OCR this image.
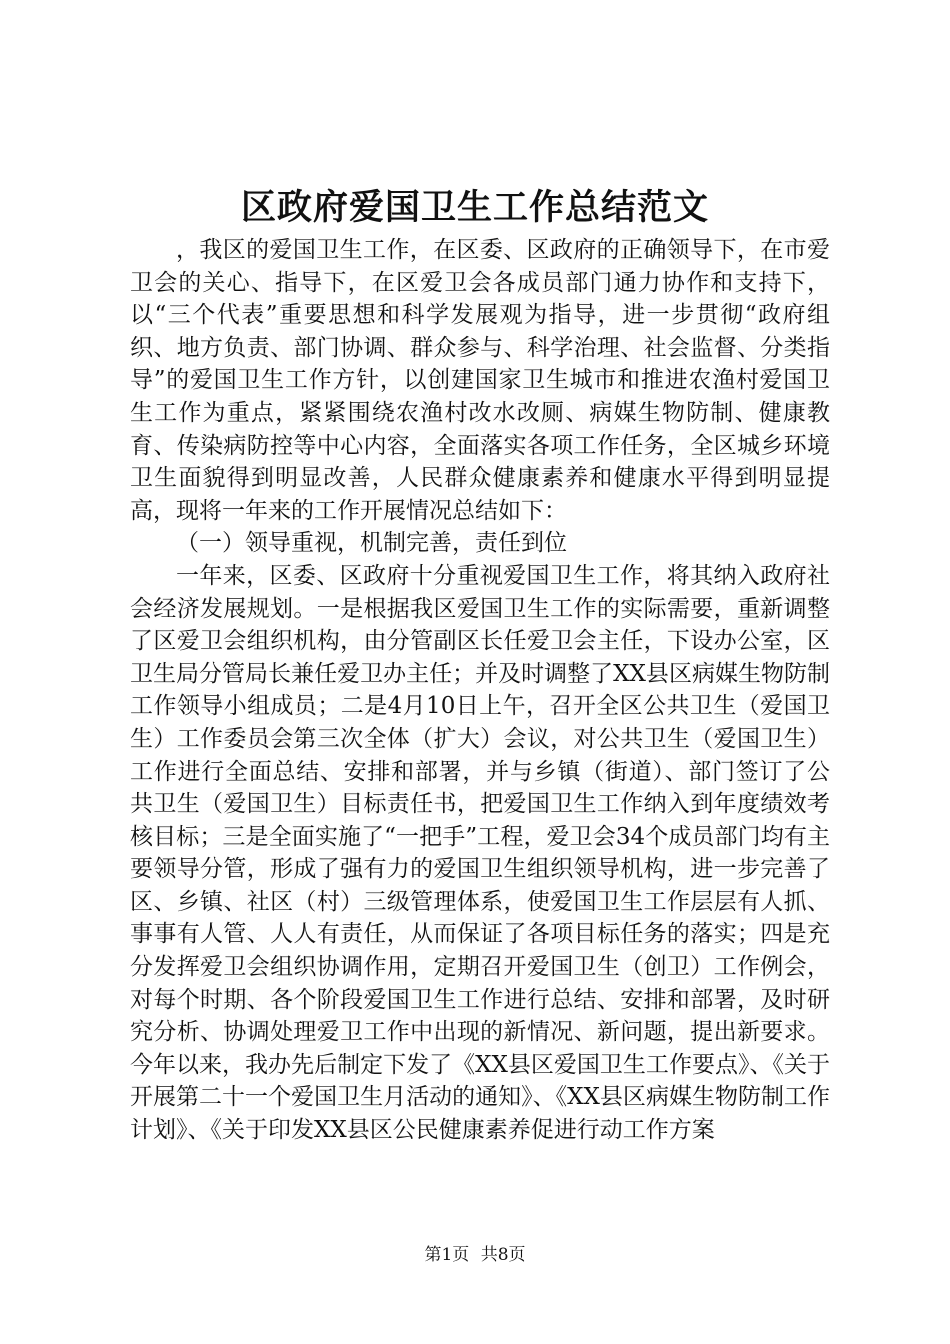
区政府爱国卫生工作总结范文

，我区的爱国卫生工作，在区委、区政府的正确领导下，在市爱卫会的关心、指导下，在区爱卫会各成员部门通力协作和支持下，以“三个代表”重要思想和科学发展观为指导，进一步贯彻“政府组织、地方负责、部门协调、群众参与、科学治理、社会监督、分类指导”的爱国卫生工作方针，以创建国家卫生城市和推进农渔村爱国卫生工作为重点，紧紧围绕农渔村改水改厕、病媒生物防制、健康教育、传染病防控等中心内容，全面落实各项工作任务，全区城乡环境卫生面貌得到明显改善，人民群众健康素养和健康水平得到明显提高，现将一年来的工作开展情况总结如下：

（一）领导重视，机制完善，责任到位

一年来，区委、区政府十分重视爱国卫生工作，将其纳入政府社会经济发展规划。一是根据我区爱国卫生工作的实际需要，重新调整了区爱卫会组织机构，由分管副区长任爱卫会主任，下设办公室，区卫生局分管局长兼任爱卫办主任；并及时调整了XX县区病媒生物防制工作领导小组成员；二是4月10日上午，召开全区公共卫生（爱国卫生）工作委员会第三次全体（扩大）会议，对公共卫生（爱国卫生）工作进行全面总结、安排和部署，并与乡镇（街道）、部门签订了公共卫生（爱国卫生）目标责任书，把爱国卫生工作纳入到年度绩效考核目标；三是全面实施了“一把手”工程，爱卫会34个成员部门均有主要领导分管，形成了强有力的爱国卫生组织领导机构，进一步完善了区、乡镇、社区（村）三级管理体系，使爱国卫生工作层层有人抓、事事有人管、人人有责任，从而保证了各项目标任务的落实；四是充分发挥爱卫会组织协调作用，定期召开爱国卫生（创卫）工作例会，对每个时期、各个阶段爱国卫生工作进行总结、安排和部署，及时研究分析、协调处理爱卫工作中出现的新情况、新问题，提出新要求。今年以来，我办先后制定下发了《XX县区爱国卫生工作要点》、《关于开展第二十一个爱国卫生月活动的通知》、《XX县区病媒生物防制工作计划》、《关于印发XX县区公民健康素养促进行动工作方案

第1页 共8页
